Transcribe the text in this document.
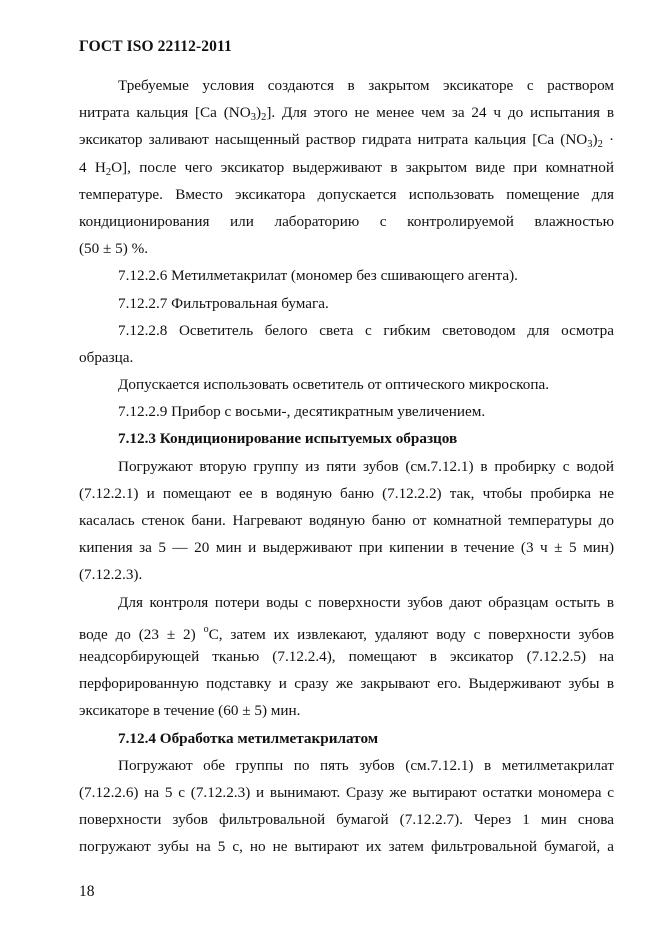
ГОСТ ISO 22112-2011
Требуемые условия создаются в закрытом эксикаторе с раствором
нитрата кальция [Ca $(NO_3)_2$]. Для этого не менее чем за 24 ч до испытания в
эксикатор заливают насыщенный раствор гидрата нитрата кальция [Ca $(NO_3)_2$ ·
4 $H_2O$], после чего эксикатор выдерживают в закрытом виде при комнатной
температуре. Вместо эксикатора допускается использовать помещение для
кондиционирования или лабораторию с контролируемой влажностью
(50 ± 5) %.
7.12.2.6 Метилметакрилат (мономер без сшивающего агента).
7.12.2.7 Фильтровальная бумага.
7.12.2.8 Осветитель белого света с гибким световодом для осмотра
образца.
Допускается использовать осветитель от оптического микроскопа.
7.12.2.9 Прибор с восьми-, десятикратным увеличением.
7.12.3 Кондиционирование испытуемых образцов
Погружают вторую группу из пяти зубов (см.7.12.1) в пробирку с водой
(7.12.2.1) и помещают ее в водяную баню (7.12.2.2) так, чтобы пробирка не
касалась стенок бани. Нагревают водяную баню от комнатной температуры до
кипения за 5 — 20 мин и выдерживают при кипении в течение (3 ч ± 5 мин)
(7.12.2.3).
Для контроля потери воды с поверхности зубов дают образцам остыть в
воде до (23 ± 2) $^o$C, затем их извлекают, удаляют воду с поверхности зубов
неадсорбирующей тканью (7.12.2.4), помещают в эксикатор (7.12.2.5) на
перфорированную подставку и сразу же закрывают его. Выдерживают зубы в
эксикаторе в течение (60 ± 5) мин.
7.12.4 Обработка метилметакрилатом
Погружают обе группы по пять зубов (см.7.12.1) в метилметакрилат
(7.12.2.6) на 5 с (7.12.2.3) и вынимают. Сразу же вытирают остатки мономера с
поверхности зубов фильтровальной бумагой (7.12.2.7). Через 1 мин снова
погружают зубы на 5 с, но не вытирают их затем фильтровальной бумагой, а
18
